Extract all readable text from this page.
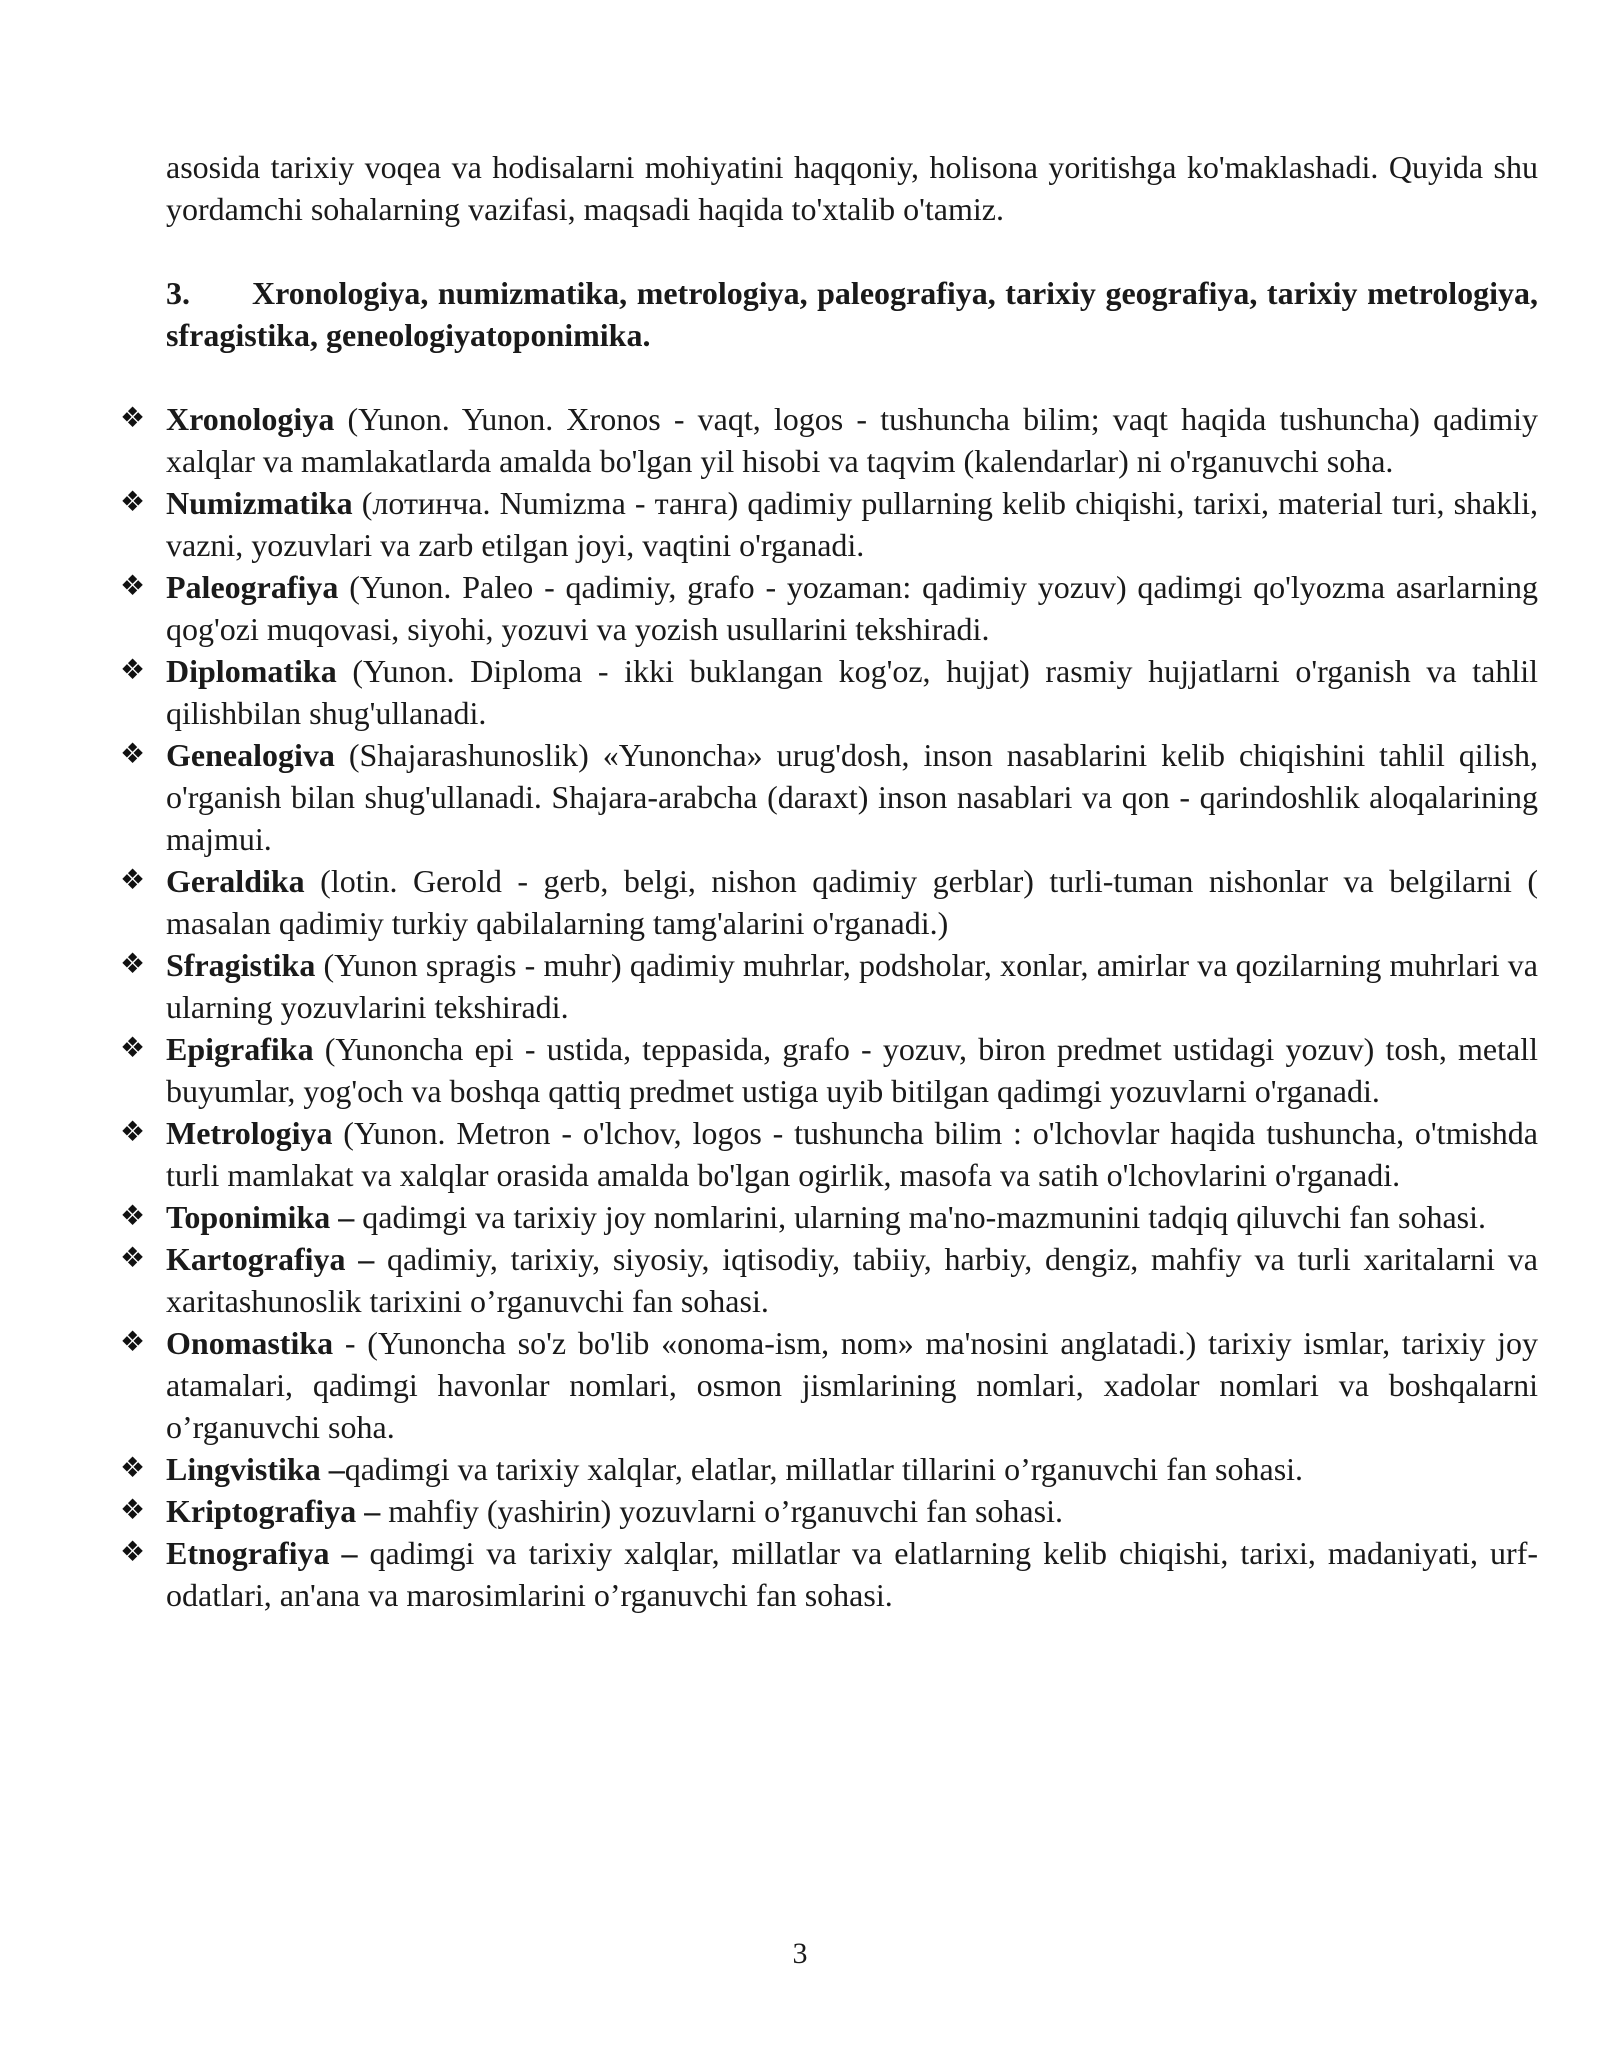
asosida tarixiy voqea va hodisalarni mohiyatini haqqoniy, holisona yoritishga ko'maklashadi. Quyida shu yordamchi sohalarning vazifasi, maqsadi haqida to'xtalib o'tamiz.

3. Xronologiya, numizmatika, metrologiya, paleografiya, tarixiy geografiya, tarixiy metrologiya, sfragistika, geneologiyatoponimika.
❖ Xronologiya (Yunon. Yunon. Xronos - vaqt, logos - tushuncha bilim; vaqt haqida tushuncha) qadimiy xalqlar va mamlakatlarda amalda bo'lgan yil hisobi va taqvim (kalendarlar) ni o'rganuvchi soha.
❖ Numizmatika (лотинча. Numizma - танга) qadimiy pullarning kelib chiqishi, tarixi, material turi, shakli, vazni, yozuvlari va zarb etilgan joyi, vaqtini o'rganadi.
❖ Paleografiya (Yunon. Paleo - qadimiy, grafo - yozaman: qadimiy yozuv) qadimgi qo'lyozma asarlarning qog'ozi muqovasi, siyohi, yozuvi va yozish usullarini tekshiradi.
❖ Diplomatika (Yunon. Diploma - ikki buklangan kog'oz, hujjat) rasmiy hujjatlarni o'rganish va tahlil qilishbilan shug'ullanadi.
❖ Genealogiva (Shajarashunoslik) «Yunoncha» urug'dosh, inson nasablarini kelib chiqishini tahlil qilish, o'rganish bilan shug'ullanadi. Shajara-arabcha (daraxt) inson nasablari va qon - qarindoshlik aloqalarining majmui.
❖ Geraldika (lotin. Gerold - gerb, belgi, nishon qadimiy gerblar) turli-tuman nishonlar va belgilarni ( masalan qadimiy turkiy qabilalarning tamg'alarini o'rganadi.)
❖ Sfragistika (Yunon spragis - muhr) qadimiy muhrlar, podsholar, xonlar, amirlar va qozilarning muhrlari va ularning yozuvlarini tekshiradi.
❖ Epigrafika (Yunoncha epi - ustida, teppasida, grafo - yozuv, biron predmet ustidagi yozuv) tosh, metall buyumlar, yog'och va boshqa qattiq predmet ustiga uyib bitilgan qadimgi yozuvlarni o'rganadi.
❖ Metrologiya (Yunon. Metron - o'lchov, logos - tushuncha bilim : o'lchovlar haqida tushuncha, o'tmishda turli mamlakat va xalqlar orasida amalda bo'lgan ogirlik, masofa va satih o'lchovlarini o'rganadi.
❖ Toponimika – qadimgi va tarixiy joy nomlarini, ularning ma'no-mazmunini tadqiq qiluvchi fan sohasi.
❖ Kartografiya – qadimiy, tarixiy, siyosiy, iqtisodiy, tabiiy, harbiy, dengiz, mahfiy va turli xaritalarni va xaritashunoslik tarixini o’rganuvchi fan sohasi.
❖ Onomastika - (Yunoncha so'z bo'lib «onoma-ism, nom» ma'nosini anglatadi.) tarixiy ismlar, tarixiy joy atamalari, qadimgi havonlar nomlari, osmon jismlarining nomlari, xadolar nomlari va boshqalarni o’rganuvchi soha.
❖ Lingvistika –qadimgi va tarixiy xalqlar, elatlar, millatlar tillarini o’rganuvchi fan sohasi.
❖ Kriptografiya – mahfiy (yashirin) yozuvlarni o’rganuvchi fan sohasi.
❖ Etnografiya – qadimgi va tarixiy xalqlar, millatlar va elatlarning kelib chiqishi, tarixi, madaniyati, urf-odatlari, an'ana va marosimlarini o’rganuvchi fan sohasi.
3
